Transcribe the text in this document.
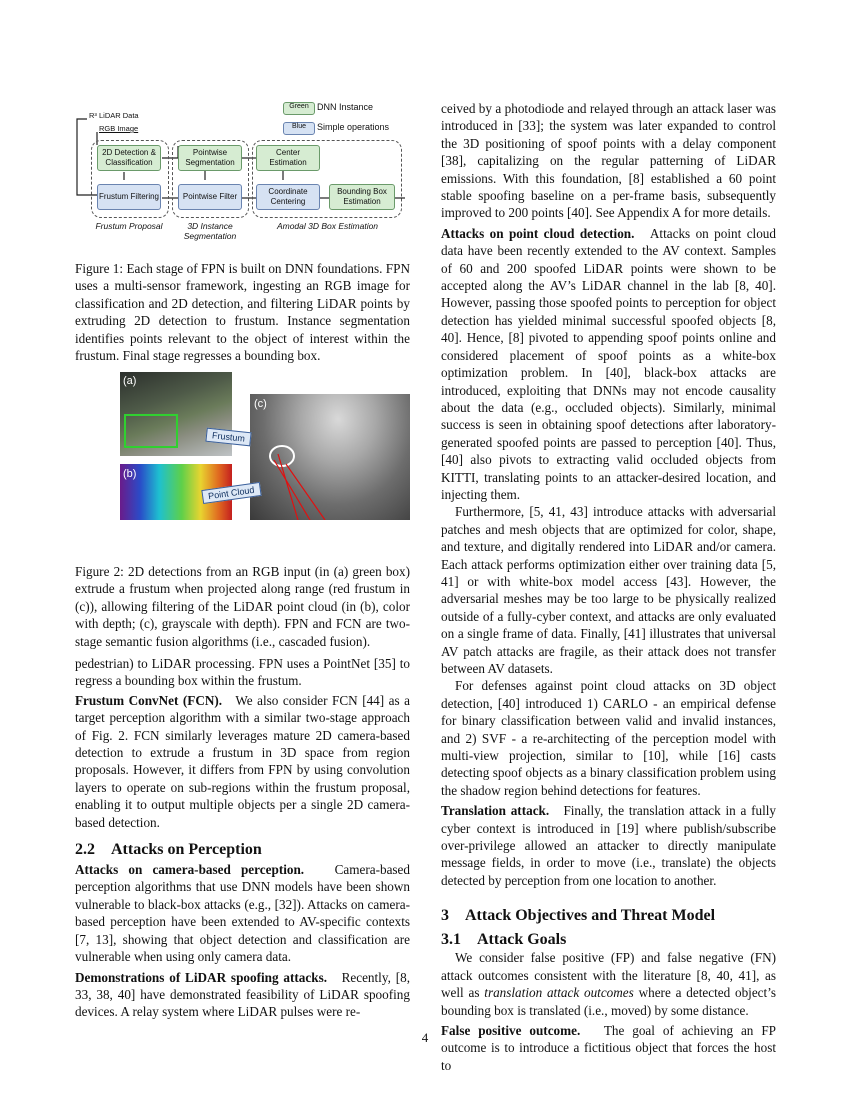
Green DNN Instance
Blue	Simple operations
R³ LiDAR Data
RGB Image
2D Detection & Classification
Frustum Filtering
Pointwise Segmentation
Pointwise Filter
Center Estimation
Coordinate Centering
Bounding Box Estimation
Frustum Proposal	3D Instance Segmentation
Amodal 3D Box Estimation

Figure 1: Each stage of FPN is built on DNN foundations. FPN uses a multi-sensor framework, ingesting an RGB image for classification and 2D detection, and filtering LiDAR points by extruding 2D detection to frustum. Instance segmentation identifies points relevant to the object of interest within the frustum. Final stage regresses a bounding box.

(a)
(b)
(c)
Frustum
Point Cloud

Figure 2: 2D detections from an RGB input (in (a) green box) extrude a frustum when projected along range (red frustum in (c)), allowing filtering of the LiDAR point cloud (in (b), color with depth; (c), grayscale with depth). FPN and FCN are two-stage semantic fusion algorithms (i.e., cascaded fusion).

pedestrian) to LiDAR processing. FPN uses a PointNet [35] to regress a bounding box within the frustum.

Frustum ConvNet (FCN). We also consider FCN [44] as a target perception algorithm with a similar two-stage approach of Fig. 2. FCN similarly leverages mature 2D camera-based detection to extrude a frustum in 3D space from region proposals. However, it differs from FPN by using convolution layers to operate on sub-regions within the frustum proposal, enabling it to output multiple objects per a single 2D camera-based detection.

2.2 Attacks on Perception

Attacks on camera-based perception. Camera-based perception algorithms that use DNN models have been shown vulnerable to black-box attacks (e.g., [32]). Attacks on camera-based perception have been extended to AV-specific contexts [7, 13], showing that object detection and classification are vulnerable when using only camera data.

Demonstrations of LiDAR spoofing attacks. Recently, [8, 33, 38, 40] have demonstrated feasibility of LiDAR spoofing devices. A relay system where LiDAR pulses were re-

ceived by a photodiode and relayed through an attack laser was introduced in [33]; the system was later expanded to control the 3D positioning of spoof points with a delay component [38], capitalizing on the regular patterning of LiDAR emissions. With this foundation, [8] established a 60 point stable spoofing baseline on a per-frame basis, subsequently improved to 200 points [40]. See Appendix A for more details.

Attacks on point cloud detection. Attacks on point cloud data have been recently extended to the AV context. Samples of 60 and 200 spoofed LiDAR points were shown to be accepted along the AV’s LiDAR channel in the lab [8, 40]. However, passing those spoofed points to perception for object detection has yielded minimal successful spoofed objects [8, 40]. Hence, [8] pivoted to appending spoof points online and considered placement of spoof points as a white-box optimization problem. In [40], black-box attacks are introduced, exploiting that DNNs may not encode causality about the data (e.g., occluded objects). Similarly, minimal success is seen in obtaining spoof detections after laboratory-generated spoofed points are passed to perception [40]. Thus, [40] also pivots to extracting valid occluded objects from KITTI, translating points to an attacker-desired location, and injecting them.

Furthermore, [5, 41, 43] introduce attacks with adversarial patches and mesh objects that are optimized for color, shape, and texture, and digitally rendered into LiDAR and/or camera. Each attack performs optimization either over training data [5, 41] or with white-box model access [43]. However, the adversarial meshes may be too large to be physically realized outside of a fully-cyber context, and attacks are only evaluated on a single frame of data. Finally, [41] illustrates that universal AV patch attacks are fragile, as their attack does not transfer between AV datasets.

For defenses against point cloud attacks on 3D object detection, [40] introduced 1) CARLO - an empirical defense for binary classification between valid and invalid instances, and 2) SVF - a re-architecting of the perception model with multi-view projection, similar to [10], while [16] casts detecting spoof objects as a binary classification problem using the shadow region behind detections for features.

Translation attack. Finally, the translation attack in a fully cyber context is introduced in [19] where publish/subscribe over-privilege allowed an attacker to directly manipulate message fields, in order to move (i.e., translate) the objects detected by perception from one location to another.

3 Attack Objectives and Threat Model
3.1 Attack Goals

We consider false positive (FP) and false negative (FN) attack outcomes consistent with the literature [8, 40, 41], as well as translation attack outcomes where a detected object’s bounding box is translated (i.e., moved) by some distance.

False positive outcome. The goal of achieving an FP outcome is to introduce a fictitious object that forces the host to

4
